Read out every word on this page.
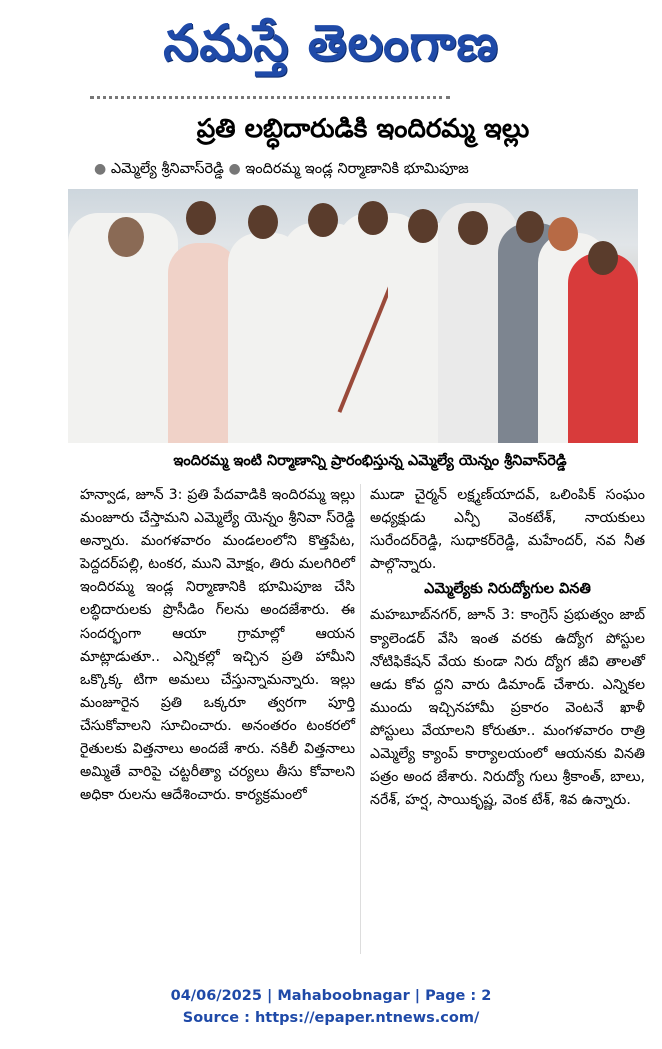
నమస్తే తెలంగాణ
ప్రతి లబ్ధిదారుడికి ఇందిరమ్మ ఇల్లు
● ఎమ్మెల్యే శ్రీనివాస్‌రెడ్డి ● ఇందిరమ్మ ఇండ్ల నిర్మాణానికి భూమిపూజ
ఇందిరమ్మ ఇంటి నిర్మాణాన్ని ప్రారంభిస్తున్న ఎమ్మెల్యే యెన్నం శ్రీనివాస్‌రెడ్డి

హన్వాడ, జూన్ 3: ప్రతి పేదవాడికి ఇందిరమ్మ ఇల్లు మంజూరు చేస్తామని ఎమ్మెల్యే యెన్నం శ్రీనివా స్‌రెడ్డి అన్నారు. మంగళవారం మండలంలోని కొత్తపేట, పెద్దదర్‌పల్లి, టంకర, ముని మోక్షం, తిరు మలగిరిలో ఇందిరమ్మ ఇండ్ల నిర్మాణానికి భూమిపూజ చేసి లబ్ధిదారులకు ప్రొసీడిం గ్‌లను అందజేశారు. ఈ సందర్భంగా ఆయా గ్రామాల్లో ఆయన మాట్లాడుతూ.. ఎన్నికల్లో ఇచ్చిన ప్రతి హామీని ఒక్కొక్క టిగా అమలు చేస్తున్నామన్నారు. ఇల్లు మంజూరైన ప్రతి ఒక్కరూ త్వరగా పూర్తి చేసుకోవాలని సూచించారు. అనంతరం టంకరలో రైతులకు విత్తనాలు అందజే శారు. నకిలీ విత్తనాలు అమ్మితే వారిపై చట్టరీత్యా చర్యలు తీసు కోవాలని అధికా రులను ఆదేశించారు. కార్యక్రమంలో

ముడా చైర్మన్ లక్ష్మణ్‌యాదవ్, ఒలింపిక్ సంఘం అధ్యక్షుడు ఎన్పీ వెంకటేశ్, నాయకులు సురేందర్‌రెడ్డి, సుధాకర్‌రెడ్డి, మహేందర్, నవ నీత పాల్గొన్నారు.

ఎమ్మెల్యేకు నిరుద్యోగుల వినతి

మహబూబ్‌నగర్, జూన్ 3: కాంగ్రెస్ ప్రభుత్వం జాబ్ క్యాలెండర్ వేసి ఇంత వరకు ఉద్యోగ పోస్టుల నోటిఫికేషన్ వేయ కుండా నిరు ద్యోగ జీవి తాలతో ఆడు కోవ ద్దని వారు డిమాండ్ చేశారు. ఎన్నికల ముందు ఇచ్చినహామీ ప్రకారం వెంటనే ఖాళీ పోస్టులు వేయాలని కోరుతూ.. మంగళవారం రాత్రి ఎమ్మెల్యే క్యాంప్ కార్యాలయంలో ఆయనకు వినతి పత్రం అంద జేశారు. నిరుద్యో గులు శ్రీకాంత్, బాలు, నరేశ్, హర్ష, సాయికృష్ణ, వెంక టేశ్, శివ ఉన్నారు.

04/06/2025 | Mahaboobnagar | Page : 2
Source : https://epaper.ntnews.com/
